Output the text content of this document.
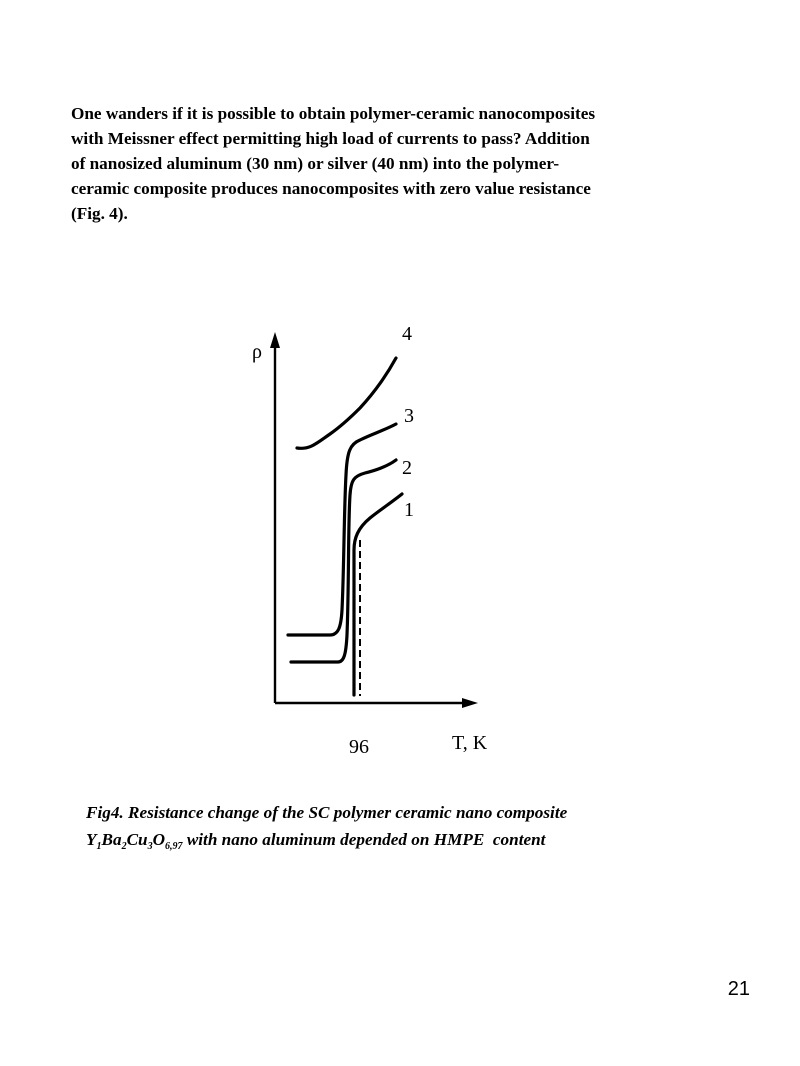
One wanders if it is possible to obtain polymer-ceramic nanocomposites

with Meissner effect permitting high load of currents to pass? Addition

of nanosized aluminum (30 nm) or silver (40 nm) into the polymer-

ceramic composite produces nanocomposites with zero value resistance

(Fig. 4).

ρ
4
3
2
1
96	T, K
Fig4. Resistance change of the SC polymer ceramic nano composite
$Y_1Ba_2Cu_3O_{6,97}$ with nano aluminum depended on HMPE  content
21
